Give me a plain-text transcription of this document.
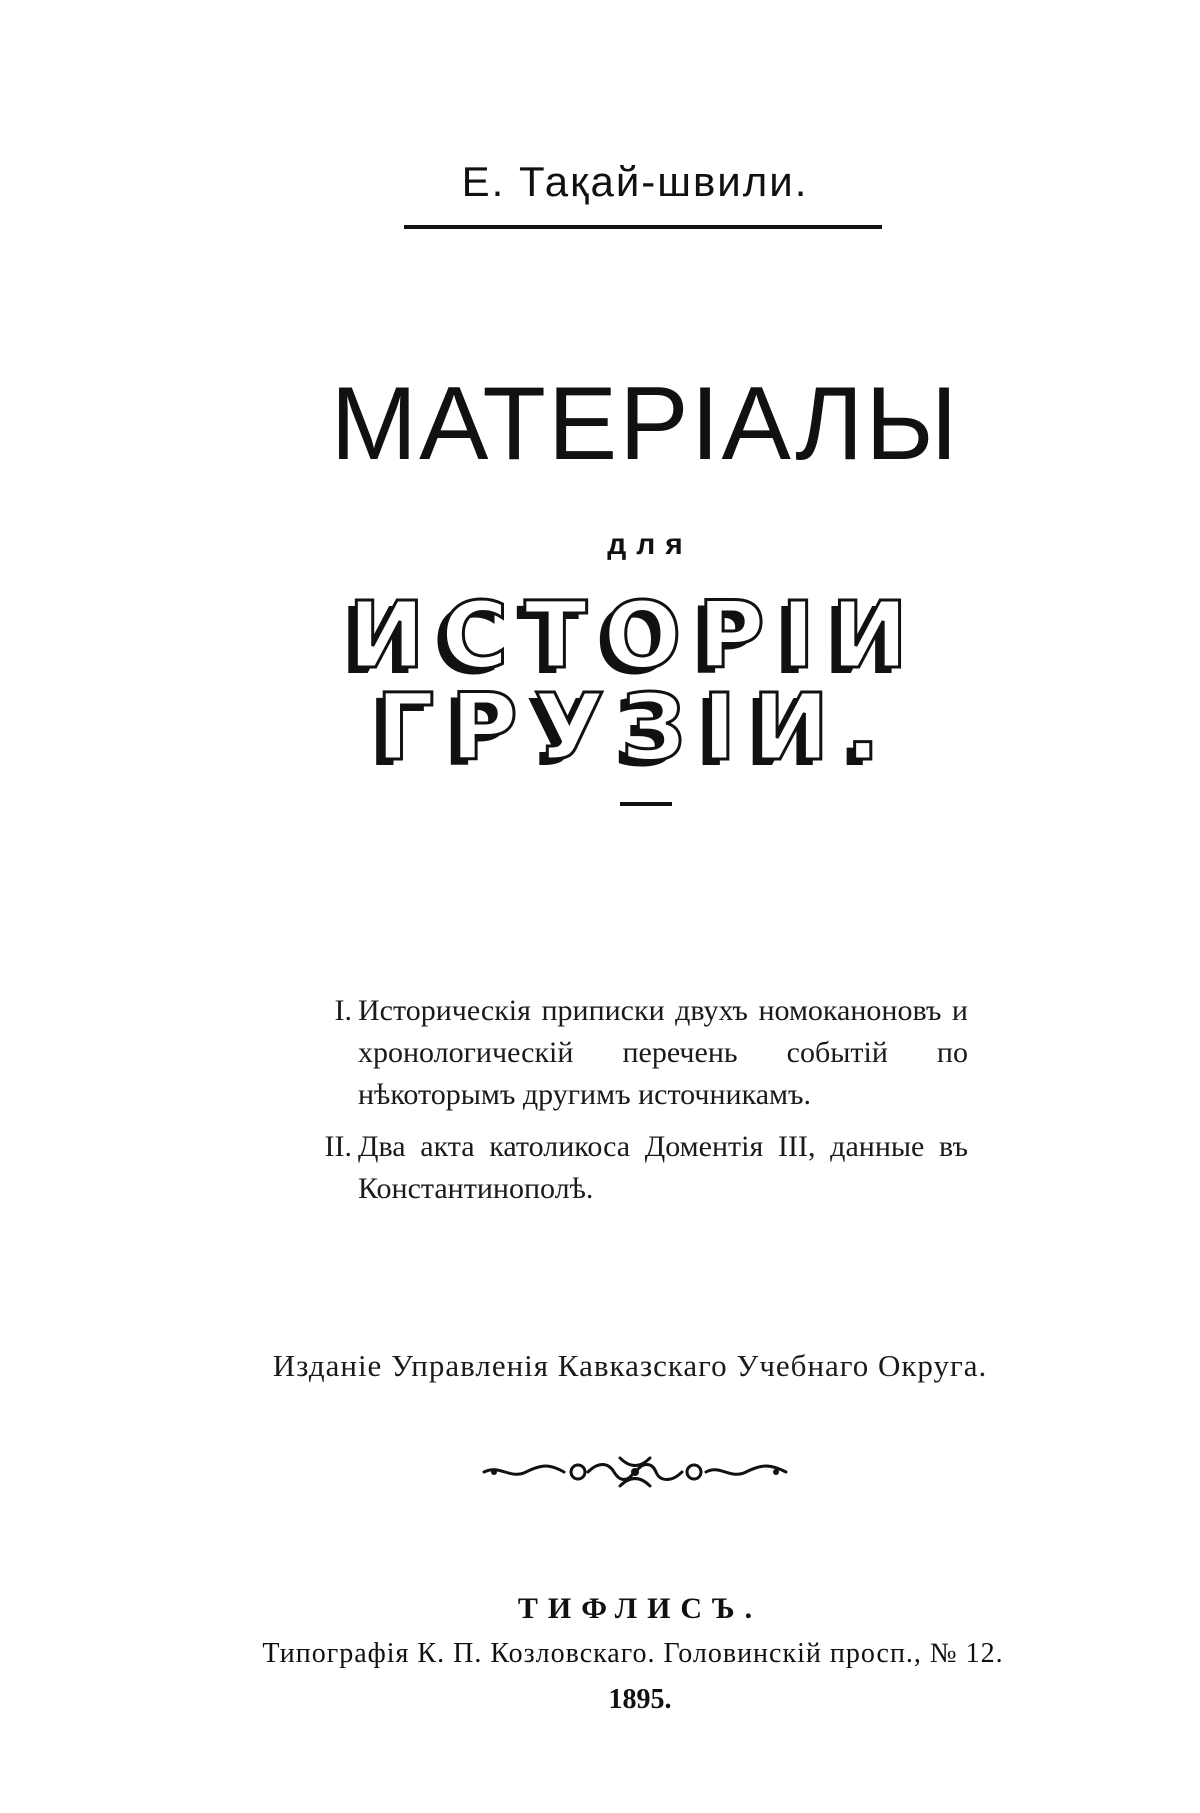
Е. Тақай-швили.
МАТЕРІАЛЫ
для
ИСТОРІИ ГРУЗІИ.
I. Историческія приписки двухъ номоканоновъ и хронологическій перечень событій по нѣкоторымъ другимъ источникамъ.
II. Два акта католикоса Доментія III, данные въ Константинополѣ.
Изданіе Управленія Кавказскаго Учебнаго Округа.
ТИФЛИСЪ.
Типографія К. П. Козловскаго. Головинскій просп., № 12.
1895.
